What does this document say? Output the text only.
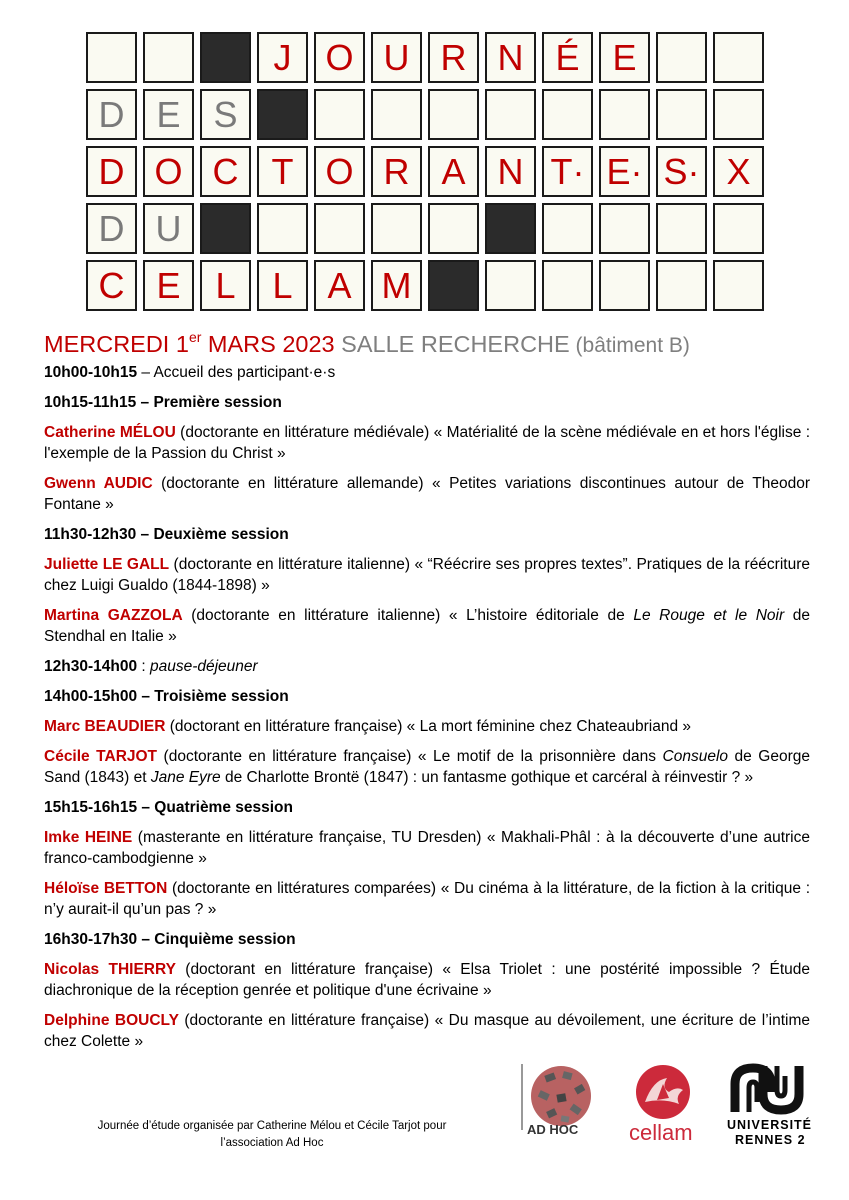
J O U R N É E
D E S
D O C T O R A N T· E· S· X
D U
C E L	L A M
MERCREDI 1er MARS 2023 SALLE RECHERCHE (bâtiment B)

10h00-10h15 – Accueil des participant·e·s

10h15-11h15 – Première session

Catherine MÉLOU (doctorante en littérature médiévale) « Matérialité de la scène médiévale en et hors l'église : l'exemple de la Passion du Christ »

Gwenn AUDIC (doctorante en littérature allemande) « Petites variations discontinues autour de Theodor Fontane »

11h30-12h30 – Deuxième session

Juliette LE GALL (doctorante en littérature italienne) « “Réécrire ses propres textes”. Pratiques de la réécriture chez Luigi Gualdo (1844-1898) »

Martina GAZZOLA (doctorante en littérature italienne) « L’histoire éditoriale de Le Rouge et le Noir de Stendhal en Italie »

12h30-14h00 : pause-déjeuner

14h00-15h00 – Troisième session

Marc BEAUDIER (doctorant en littérature française) « La mort féminine chez Chateaubriand »

Cécile TARJOT (doctorante en littérature française) « Le motif de la prisonnière dans Consuelo de George Sand (1843) et Jane Eyre de Charlotte Brontë (1847) : un fantasme gothique et carcéral à réinvestir ? »

15h15-16h15 – Quatrième session

Imke HEINE (masterante en littérature française, TU Dresden) « Makhali-Phâl : à la découverte d’une autrice franco-cambodgienne »

Héloïse BETTON (doctorante en littératures comparées) « Du cinéma à la littérature, de la fiction à la critique : n’y aurait-il qu’un pas ? »

16h30-17h30 – Cinquième session

Nicolas THIERRY (doctorant en littérature française) « Elsa Triolet : une postérité impossible ? Étude diachronique de la réception genrée et politique d'une écrivaine »

Delphine BOUCLY (doctorante en littérature française) « Du masque au dévoilement, une écriture de l’intime chez Colette »

Journée d’étude organisée par Catherine Mélou et Cécile Tarjot pour
l’association Ad Hoc
AD HOC cellam	UNIVERSITÉ
RENNES 2
